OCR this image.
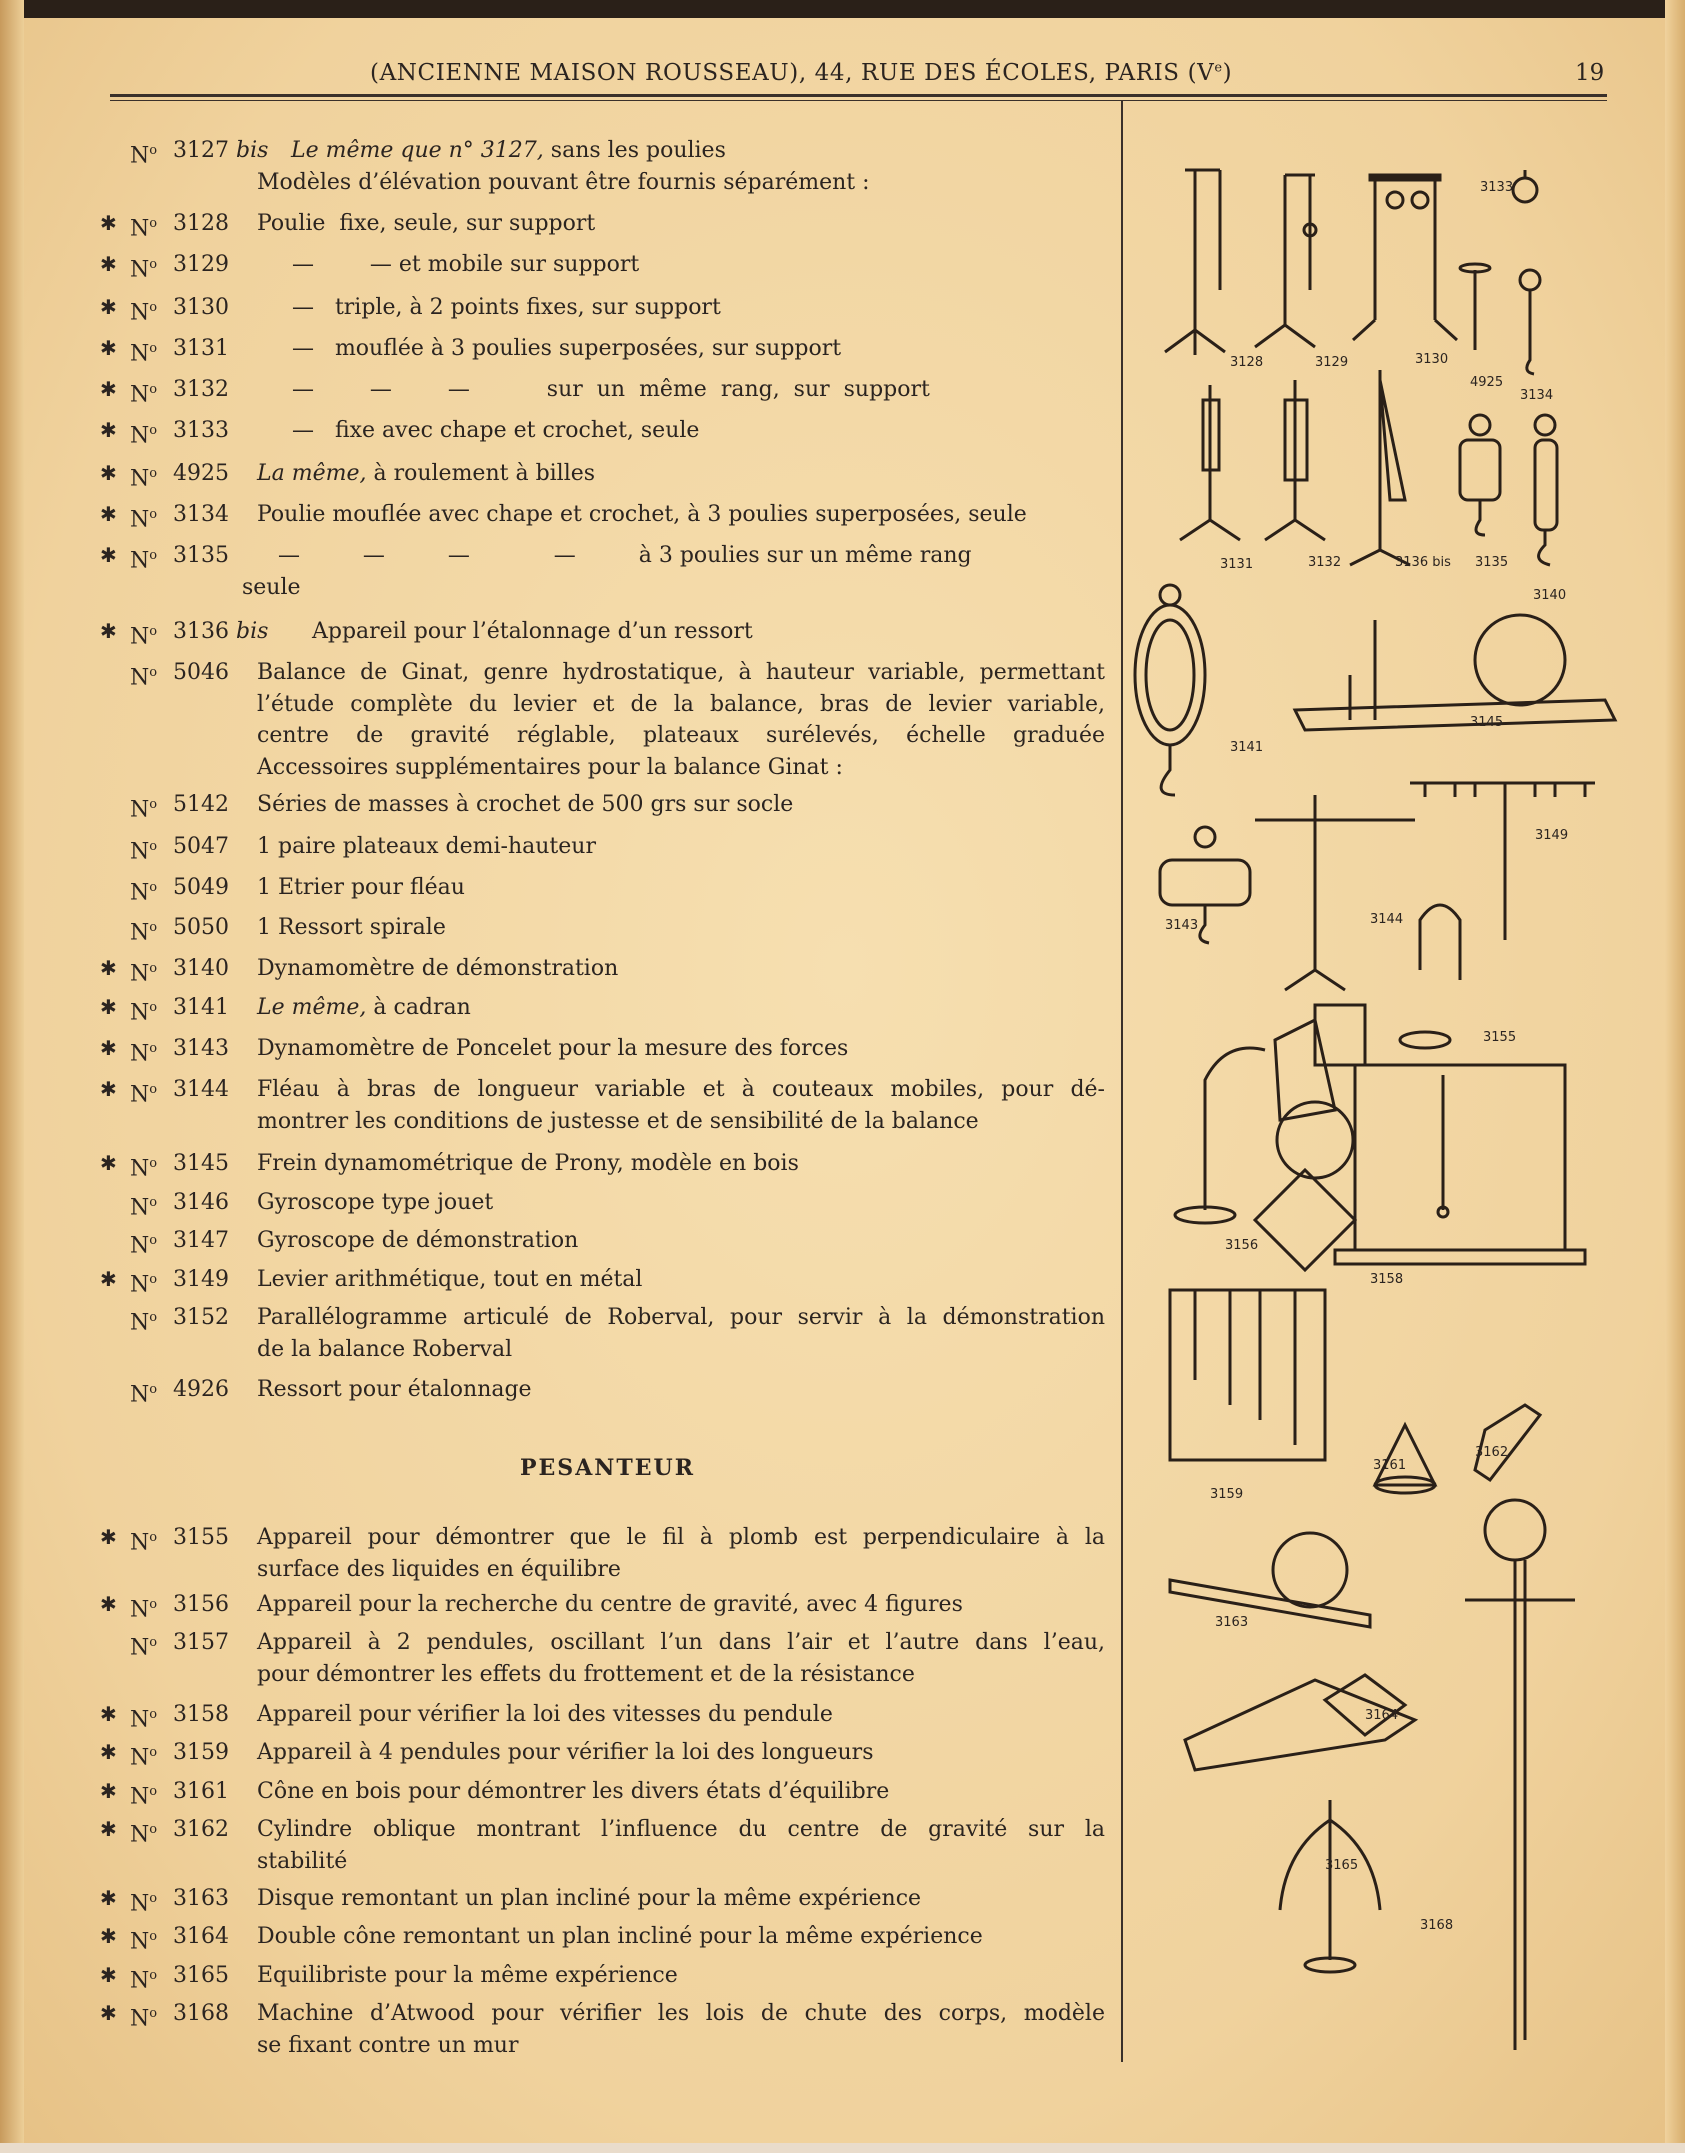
(ANCIENNE MAISON ROUSSEAU), 44, RUE DES ÉCOLES, PARIS (Ve)	19
$N^o$ 3127 bis	Le même que n° 3127, sans les poulies
Modèles d’élévation pouvant être fournis séparément :
✱ $N^o$ 3128 Poulie  fixe, seule, sur support
✱ $N^o$ 3129 —        — et mobile sur support
✱ $N^o$ 3130 —   triple, à 2 points fixes, sur support
✱ $N^o$ 3131 —   mouflée à 3 poulies superposées, sur support
✱ $N^o$ 3132 —        —        —           sur  un  même  rang,  sur  support
✱ $N^o$ 3133 —   fixe avec chape et crochet, seule
✱ $N^o$ 4925 La même, à roulement à billes
✱ $N^o$ 3134 Poulie mouflée avec chape et crochet, à 3 poulies superposées, seule
✱ $N^o$ 3135 —         —         —            —         à 3 poulies sur un même rang
seule
✱ $N^o$ 3136 bis	Appareil pour l’étalonnage d’un ressort
$N^o$ 5046 Balance de Ginat, genre hydrostatique, à hauteur variable, permettant
l’étude complète du levier et de la balance, bras de levier variable,
centre de gravité réglable, plateaux surélevés, échelle graduée
Accessoires supplémentaires pour la balance Ginat :
$N^o$ 5142 Séries de masses à crochet de 500 grs sur socle
$N^o$ 5047 1 paire plateaux demi-hauteur
$N^o$ 5049 1 Etrier pour fléau
$N^o$ 5050 1 Ressort spirale
✱ $N^o$ 3140 Dynamomètre de démonstration
✱ $N^o$ 3141 Le même, à cadran
✱ $N^o$ 3143 Dynamomètre de Poncelet pour la mesure des forces
✱ $N^o$ 3144 Fléau à bras de longueur variable et à couteaux mobiles, pour dé-
montrer les conditions de justesse et de sensibilité de la balance
✱ $N^o$ 3145 Frein dynamométrique de Prony, modèle en bois
$N^o$ 3146 Gyroscope type jouet
$N^o$ 3147 Gyroscope de démonstration
✱ $N^o$ 3149 Levier arithmétique, tout en métal
$N^o$ 3152 Parallélogramme articulé de Roberval, pour servir à la démonstration
de la balance Roberval
$N^o$ 4926 Ressort pour étalonnage
✱ $N^o$ 3155 Appareil pour démontrer que le fil à plomb est perpendiculaire à la
surface des liquides en équilibre
✱ $N^o$ 3156 Appareil pour la recherche du centre de gravité, avec 4 figures
$N^o$ 3157 Appareil à 2 pendules, oscillant l’un dans l’air et l’autre dans l’eau,
pour démontrer les effets du frottement et de la résistance
✱ $N^o$ 3158 Appareil pour vérifier la loi des vitesses du pendule
✱ $N^o$ 3159 Appareil à 4 pendules pour vérifier la loi des longueurs
✱ $N^o$ 3161 Cône en bois pour démontrer les divers états d’équilibre
✱ $N^o$ 3162 Cylindre oblique montrant l’influence du centre de gravité sur la
stabilité
✱ $N^o$ 3163 Disque remontant un plan incliné pour la même expérience
✱ $N^o$ 3164 Double cône remontant un plan incliné pour la même expérience
✱ $N^o$ 3165 Equilibriste pour la même expérience
✱ $N^o$ 3168 Machine d’Atwood pour vérifier les lois de chute des corps, modèle
se fixant contre un mur
PESANTEUR
3128	3129	3130
3133
4925
3134
3131	3132	3136 bis 3135
3140
3141
3145
3149
3143	3144
3155
3156
3158
3159
3161
3162
3163
3164
3165
3168
